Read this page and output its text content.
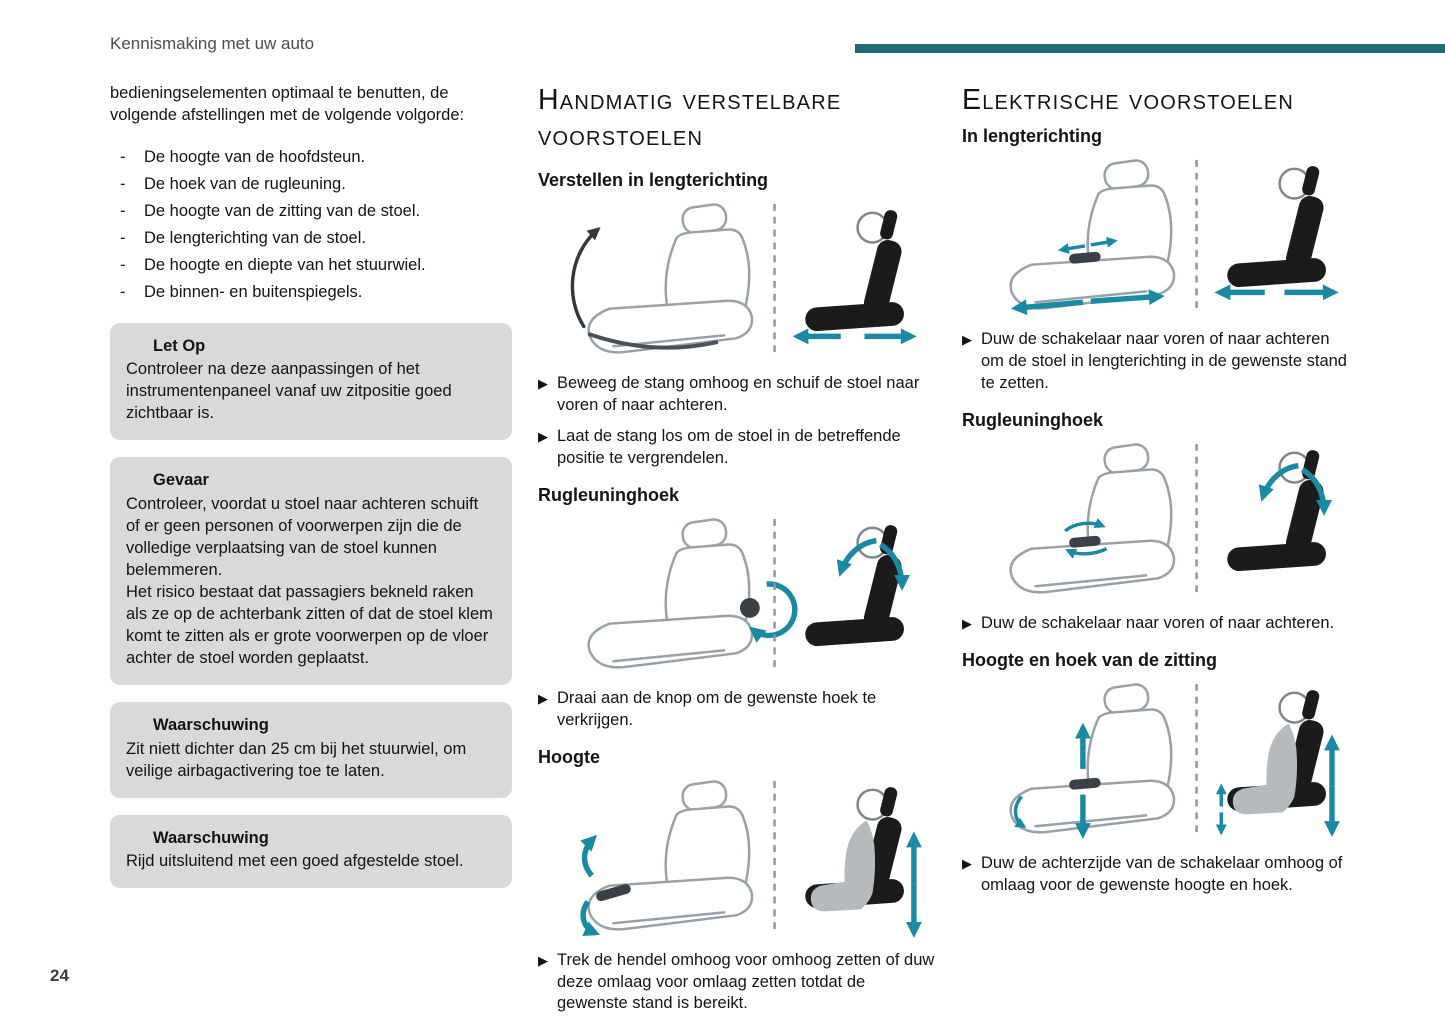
Kennismaking met uw auto

bedieningselementen optimaal te benutten, de volgende afstellingen met de volgende volgorde:

-	De hoogte van de hoofdsteun.
-	De hoek van de rugleuning.
-	De hoogte van de zitting van de stoel.
-	De lengterichting van de stoel.
-	De hoogte en diepte van het stuurwiel.
-	De binnen- en buitenspiegels.
Let Op
Controleer na deze aanpassingen of het instrumentenpaneel vanaf uw zitpositie goed zichtbaar is.
Gevaar
Controleer, voordat u stoel naar achteren schuift of er geen personen of voorwerpen zijn die de volledige verplaatsing van de stoel kunnen belemmeren.
Het risico bestaat dat passagiers bekneld raken als ze op de achterbank zitten of dat de stoel klem komt te zitten als er grote voorwerpen op de vloer achter de stoel worden geplaatst.
Waarschuwing
Zit niett dichter dan 25 cm bij het stuurwiel, om veilige airbagactivering toe te laten.
Waarschuwing
Rijd uitsluitend met een goed afgestelde stoel.
Handmatig verstelbare voorstoelen
Verstellen in lengterichting
▶ Beweeg de stang omhoog en schuif de stoel naar voren of naar achteren.
▶ Laat de stang los om de stoel in de betreffende positie te vergrendelen.
Rugleuninghoek
▶ Draai aan de knop om de gewenste hoek te verkrijgen.
Hoogte
▶ Trek de hendel omhoog voor omhoog zetten of duw deze omlaag voor omlaag zetten totdat de gewenste stand is bereikt.
Elektrische voorstoelen
In lengterichting
▶ Duw de schakelaar naar voren of naar achteren om de stoel in lengterichting in de gewenste stand te zetten.
Rugleuninghoek
▶ Duw de schakelaar naar voren of naar achteren.
Hoogte en hoek van de zitting
▶ Duw de achterzijde van de schakelaar omhoog of omlaag voor de gewenste hoogte en hoek.
24
